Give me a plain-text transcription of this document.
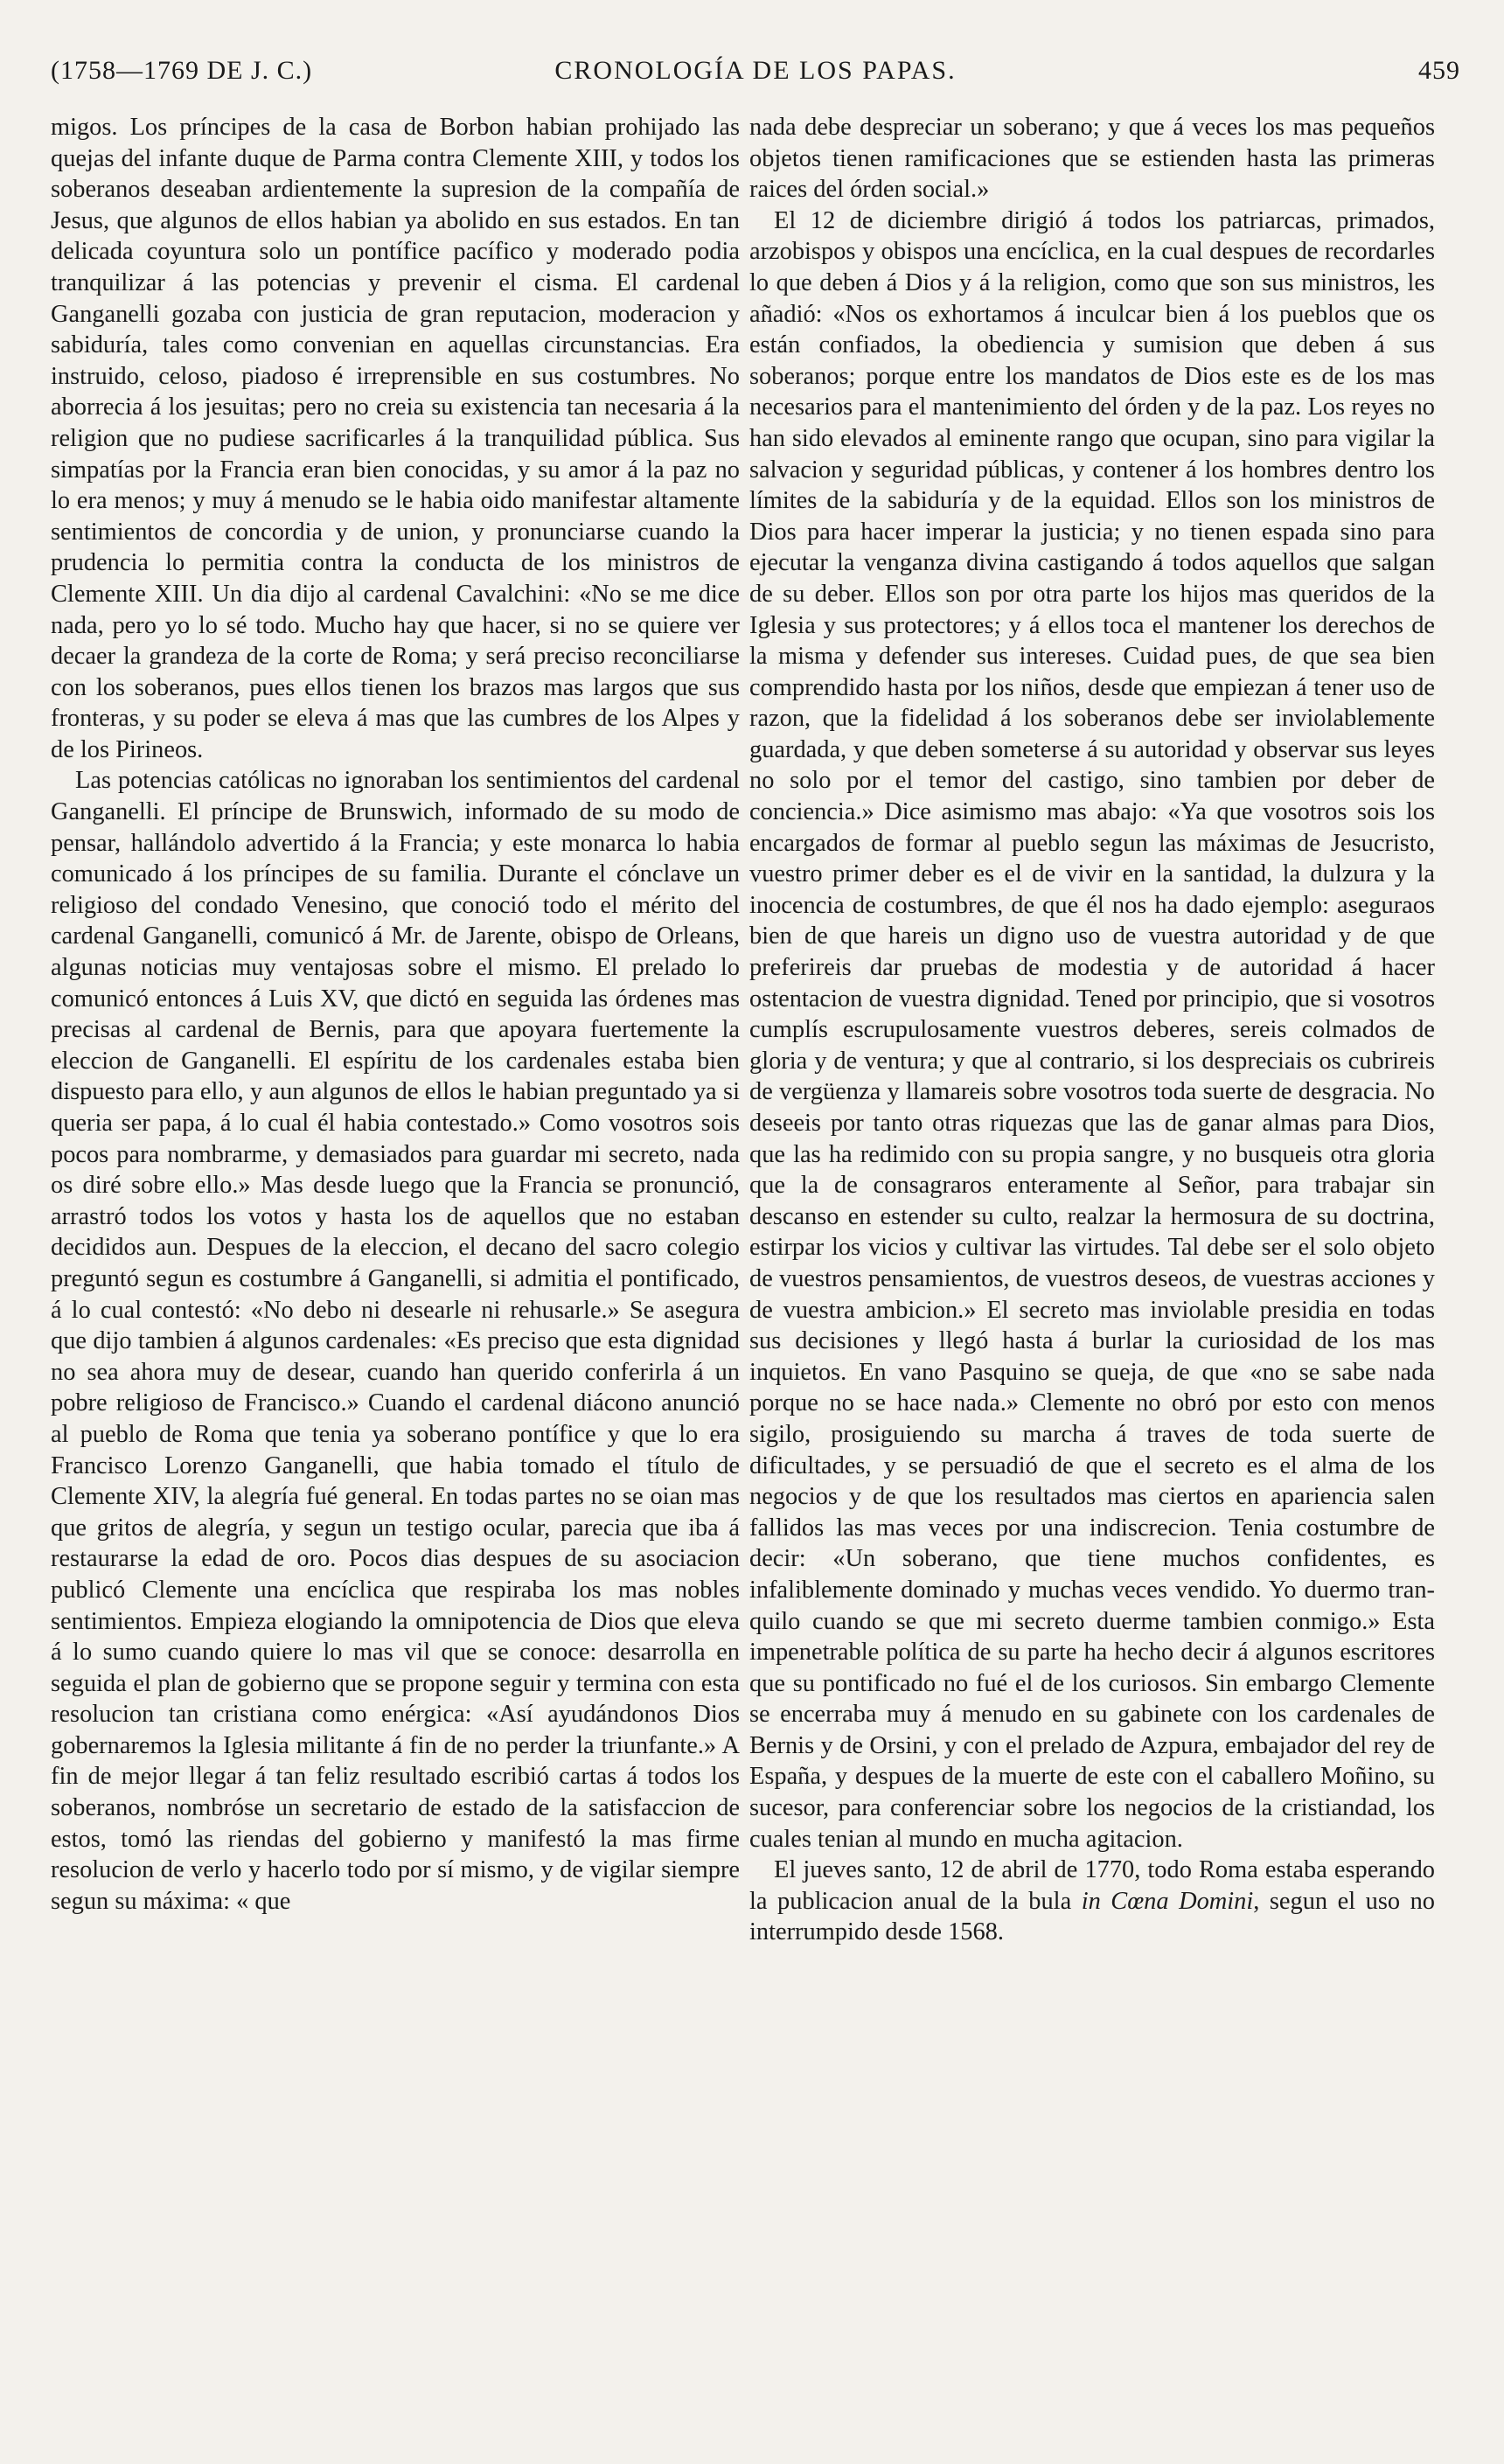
CRONOLOGÍA DE LOS PAPAS.
(1758—1769 DE J. C.)	459

migos. Los príncipes de la casa de Borbon habian prohijado las quejas del infante duque de Parma contra Clemente XIII, y todos los soberanos deseaban ardientemente la supresion de la compañía de Jesus, que algunos de ellos habian ya abolido en sus estados. En tan delicada coyuntura solo un pontífice pacífico y moderado podia tranquilizar á las potencias y prevenir el cisma. El cardenal Ganganelli gozaba con justicia de gran reputacion, moderacion y sabiduría, tales como convenian en aquellas circunstancias. Era instruido, celoso, piadoso é irreprensible en sus costumbres. No aborrecia á los jesuitas; pero no creia su existencia tan necesaria á la religion que no pudiese sacrificarles á la tranquilidad pública. Sus simpatías por la Francia eran bien conocidas, y su amor á la paz no lo era menos; y muy á menudo se le habia oido manifestar altamente sentimientos de concordia y de union, y pronunciarse cuando la prudencia lo permitia contra la conducta de los ministros de Clemente XIII. Un dia dijo al cardenal Cavalchini: «No se me dice nada, pero yo lo sé todo. Mucho hay que hacer, si no se quiere ver decaer la grandeza de la corte de Roma; y será preciso reconciliarse con los soberanos, pues ellos tienen los brazos mas largos que sus fronteras, y su poder se eleva á mas que las cumbres de los Alpes y de los Pirineos.

Las potencias católicas no ignoraban los sentimientos del cardenal Ganganelli. El príncipe de Brunswich, informado de su modo de pensar, hallándolo advertido á la Francia; y este monarca lo habia comunicado á los príncipes de su familia. Durante el cónclave un religioso del condado Venesino, que conoció todo el mérito del cardenal Ganganelli, comunicó á Mr. de Jarente, obispo de Orleans, algunas noticias muy ventajosas sobre el mismo. El prelado lo comunicó entonces á Luis XV, que dictó en seguida las órdenes mas precisas al cardenal de Bernis, para que apoyara fuertemente la eleccion de Ganganelli. El espíritu de los cardenales estaba bien dispuesto para ello, y aun algunos de ellos le habian preguntado ya si queria ser papa, á lo cual él habia contestado.» Como vosotros sois pocos para nombrarme, y demasiados para guardar mi secreto, nada os diré sobre ello.» Mas desde luego que la Francia se pronunció, arrastró todos los votos y hasta los de aquellos que no estaban decididos aun. Despues de la eleccion, el decano del sacro colegio preguntó segun es costumbre á Ganganelli, si admitia el pontificado, á lo cual contestó: «No debo ni desearle ni rehusarle.» Se asegura que dijo tambien á algunos cardenales: «Es preciso que esta dignidad no sea ahora muy de desear, cuando han querido conferirla á un pobre religioso de Francisco.» Cuando el cardenal diácono anunció al pueblo de Roma que tenia ya soberano pontífice y que lo era Francisco Lorenzo Ganganelli, que habia tomado el título de Clemente XIV, la alegría fué general. En todas partes no se oian mas que gritos de alegría, y segun un testigo ocular, parecia que iba á restaurarse la edad de oro. Pocos dias despues de su asociacion publicó Clemente una encíclica que respiraba los mas nobles sentimientos. Empieza elogiando la omnipotencia de Dios que eleva á lo sumo cuando quiere lo mas vil que se conoce: desarrolla en seguida el plan de gobierno que se propone seguir y termina con esta resolucion tan cristiana como enérgica: «Así ayudándonos Dios gobernaremos la Iglesia militante á fin de no perder la triunfante.» A fin de mejor llegar á tan feliz resultado escribió cartas á todos los soberanos, nombróse un secretario de estado de la satisfaccion de estos, tomó las riendas del gobierno y manifestó la mas firme resolucion de verlo y hacerlo todo por sí mismo, y de vigilar siempre segun su máxima: « que

nada debe despreciar un soberano; y que á veces los mas pequeños objetos tienen ramificaciones que se estienden hasta las primeras raices del órden social.»

El 12 de diciembre dirigió á todos los patriarcas, primados, arzobispos y obispos una encíclica, en la cual despues de recordarles lo que deben á Dios y á la religion, como que son sus ministros, les añadió: «Nos os exhortamos á inculcar bien á los pueblos que os están confiados, la obediencia y sumision que deben á sus soberanos; porque entre los mandatos de Dios este es de los mas necesarios para el mantenimiento del órden y de la paz. Los reyes no han sido elevados al eminente rango que ocupan, sino para vigilar la salvacion y seguridad públicas, y contener á los hombres dentro los límites de la sabiduría y de la equidad. Ellos son los ministros de Dios para hacer imperar la justicia; y no tienen espada sino para ejecutar la venganza divina castigando á todos aquellos que salgan de su deber. Ellos son por otra parte los hijos mas queridos de la Iglesia y sus protectores; y á ellos toca el mantener los derechos de la misma y defender sus intereses. Cuidad pues, de que sea bien comprendido hasta por los niños, desde que empiezan á tener uso de razon, que la fidelidad á los soberanos debe ser inviolablemente guardada, y que deben someterse á su autoridad y observar sus leyes no solo por el temor del castigo, sino tambien por deber de conciencia.» Dice asimismo mas abajo: «Ya que vosotros sois los encargados de formar al pueblo segun las máximas de Jesucristo, vuestro primer deber es el de vivir en la santidad, la dulzura y la inocencia de costumbres, de que él nos ha dado ejemplo: aseguraos bien de que hareis un digno uso de vuestra autoridad y de que preferireis dar pruebas de modestia y de autoridad á hacer ostentacion de vuestra dignidad. Tened por principio, que si vosotros cumplís escrupulosamente vuestros deberes, sereis colmados de gloria y de ventura; y que al contrario, si los despreciais os cubrireis de vergüenza y llamareis sobre vosotros toda suerte de desgracia. No deseeis por tanto otras riquezas que las de ganar almas para Dios, que las ha redimido con su propia sangre, y no busqueis otra gloria que la de consagraros enteramente al Señor, para trabajar sin descanso en estender su culto, realzar la hermosura de su doctrina, estirpar los vicios y cultivar las virtudes. Tal debe ser el solo objeto de vuestros pensamientos, de vuestros deseos, de vuestras acciones y de vuestra ambicion.» El secreto mas inviolable presidia en todas sus decisiones y llegó hasta á burlar la curiosidad de los mas inquietos. En vano Pasquino se queja, de que «no se sabe nada porque no se hace nada.» Clemente no obró por esto con menos sigilo, prosiguiendo su marcha á traves de toda suerte de dificultades, y se persuadió de que el secreto es el alma de los negocios y de que los resultados mas ciertos en apariencia salen fallidos las mas veces por una indiscrecion. Tenia costumbre de decir: «Un soberano, que tiene muchos confidentes, es infaliblemente dominado y muchas veces vendido. Yo duermo tranquilo cuando se que mi secreto duerme tambien conmigo.» Esta impenetrable política de su parte ha hecho decir á algunos escritores que su pontificado no fué el de los curiosos. Sin embargo Clemente se encerraba muy á menudo en su gabinete con los cardenales de Bernis y de Orsini, y con el prelado de Azpura, embajador del rey de España, y despues de la muerte de este con el caballero Moñino, su sucesor, para conferenciar sobre los negocios de la cristiandad, los cuales tenian al mundo en mucha agitacion.

El jueves santo, 12 de abril de 1770, todo Roma estaba esperando la publicacion anual de la bula in Cœna Domini, segun el uso no interrumpido desde 1568.
